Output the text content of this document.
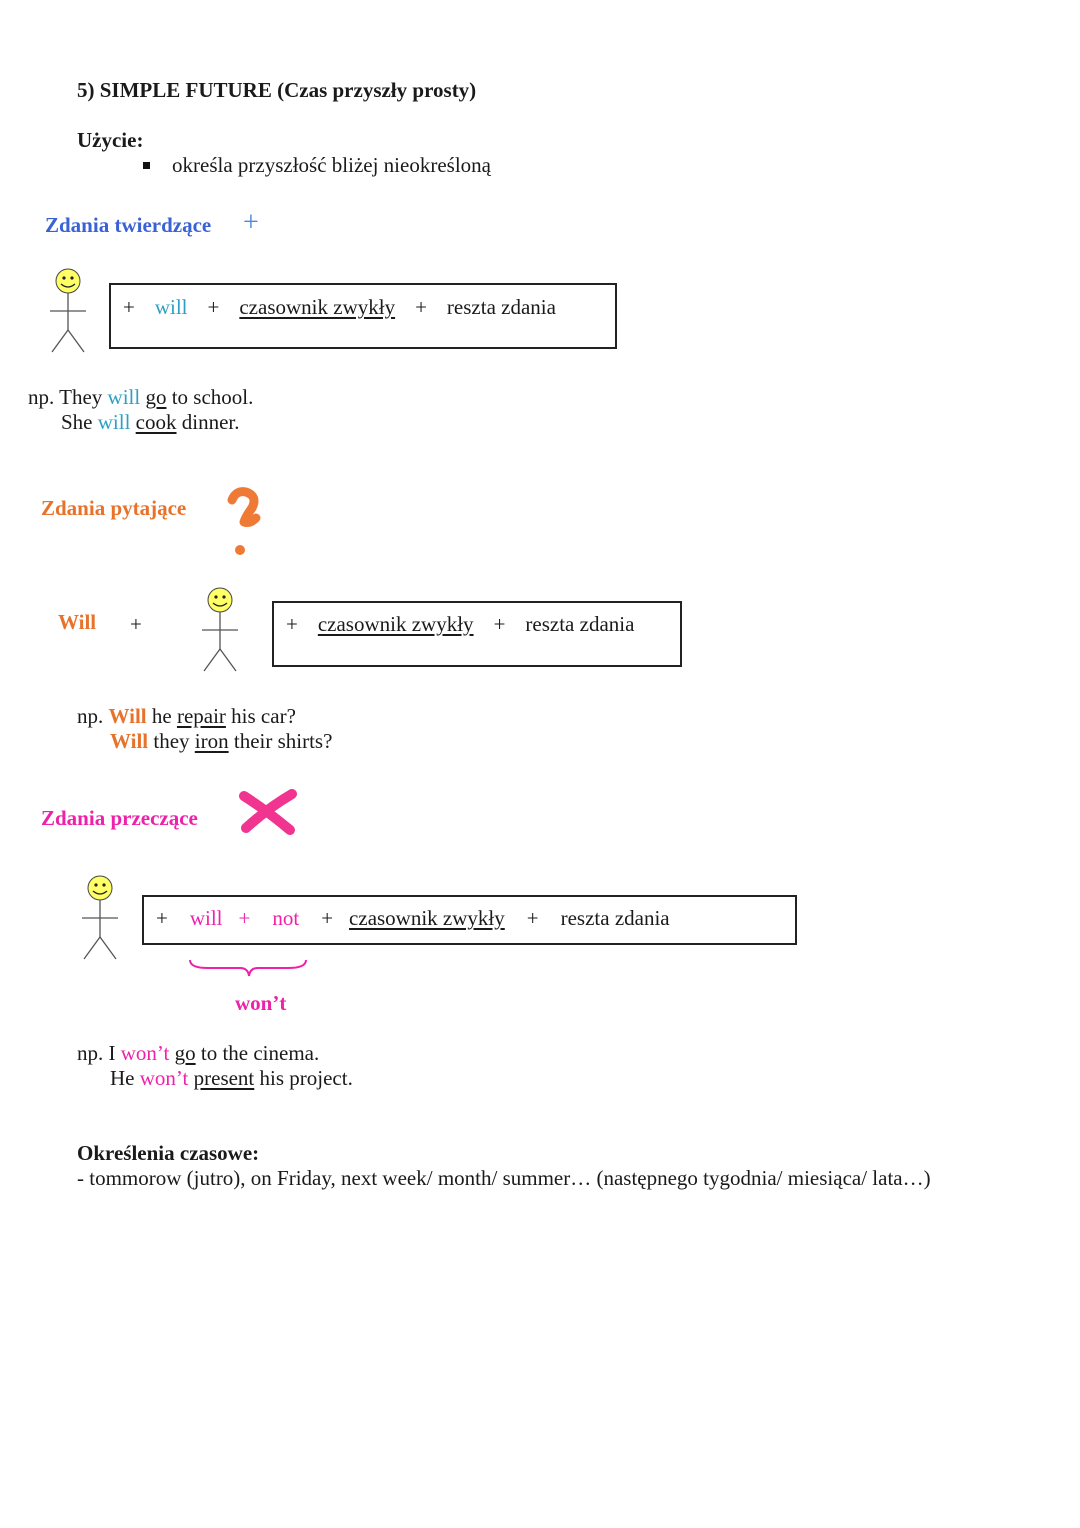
5) SIMPLE FUTURE (Czas przyszły prosty)
Użycie:
określa przyszłość bliżej nieokreśloną
Zdania twierdzące +
+ will + czasownik zwykły + reszta zdania
np. They will go to school.
She will cook dinner.
Zdania pytające
Will +	+ czasownik zwykły + reszta zdania
np. Will he repair his car?
Will they iron their shirts?
Zdania przeczące
+ will + not + czasownik zwykły + reszta zdania
won’t
np. I won’t go to the cinema.
He won’t present his project.
Określenia czasowe:
- tommorow (jutro), on Friday, next week/ month/ summer… (następnego tygodnia/ miesiąca/ lata…)
